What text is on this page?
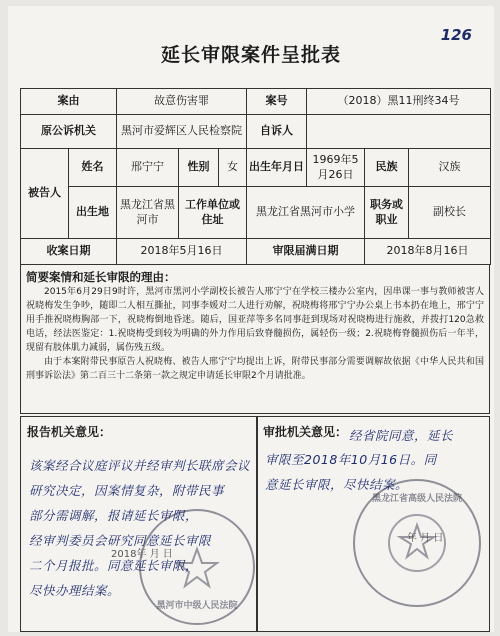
126
延长审限案件呈批表
案由		故意伤害罪			案号	（2018）黑11刑终34号		
原公诉机关		黑河市爱辉区人民检察院			自诉人			
被告人	姓名	邢宁宁	性别	女	出生年月日	1969年5月26日	民族	汉族
	出生地	黑龙江省黑河市	工作单位或住址		黑龙江省黑河市小学		职务或职业	副校长
收案日期		2018年5月16日			审限届满日期		2018年8月16日	
简要案情和延长审限的理由：

2015年6月29日9时许，黑河市黑河小学副校长被告人邢宁宁在学校三楼办公室内，因串课一事与教师被害人祝晓梅发生争吵，随即二人相互撕扯，同事李媛对二人进行劝解，祝晓梅将邢宁宁办公桌上书本扔在地上，邢宁宁用手推祝晓梅胸部一下，祝晓梅倒地昏迷。随后，国亚萍等多名同事赶到现场对祝晓梅进行施救，并拨打120急救电话，经法医鉴定：1.祝晓梅受到较为明确的外力作用后致脊髓损伤，属轻伤一级；2.祝晓梅脊髓损伤后一年半，现留有肢体肌力减弱，属伤残五级。

由于本案附带民事原告人祝晓梅、被告人邢宁宁均提出上诉，附带民事部分需要调解故依据《中华人民共和国刑事诉讼法》第二百三十二条第一款之规定申请延长审限2个月请批准。

报告机关意见：
黑河市中级人民法院
该案经合议庭评议并经审判长联席会议
研究决定，因案情复杂，附带民事
部分需调解，报请延长审限，
经审判委员会研究同意延长审限
二个月报批。同意延长审限，
尽快办理结案。
2018年 月 日
审批机关意见：
黑龙江省高级人民法院
经省院同意，延长
审限至2018年10月16日。同
意延长审限，尽快结案。
年 月 日
